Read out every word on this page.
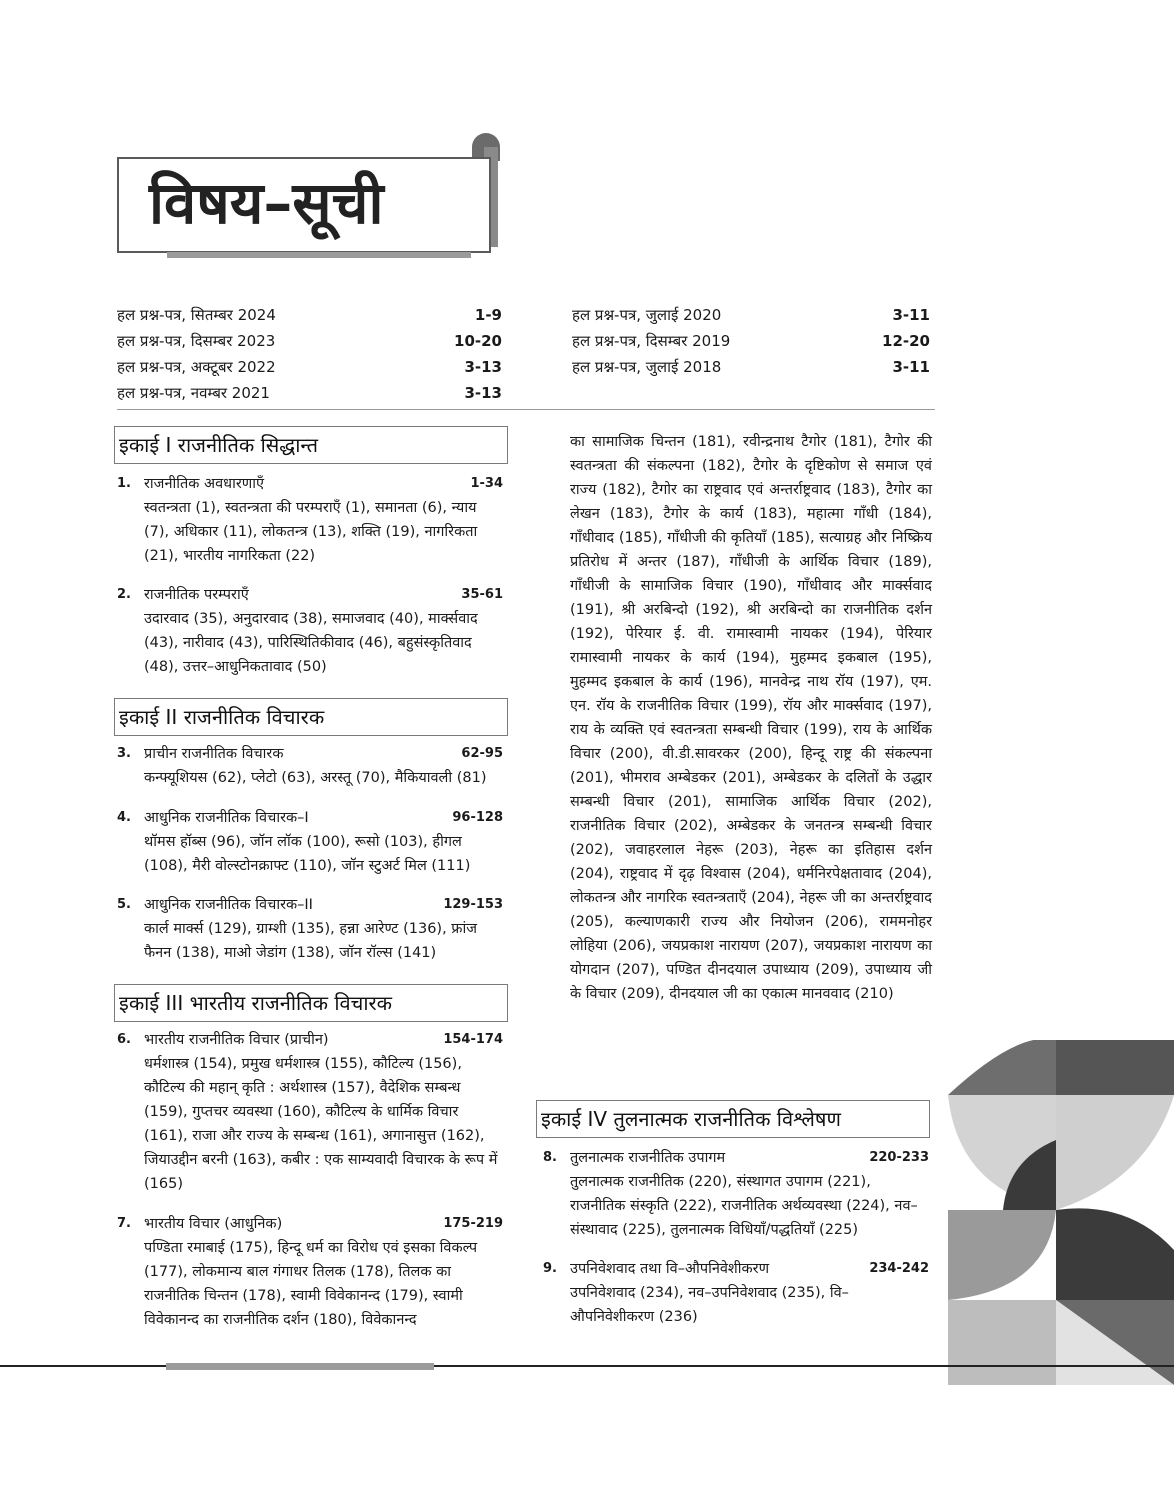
विषय–सूची
हल प्रश्न-पत्र, सितम्बर 2024	1-9
हल प्रश्न-पत्र, दिसम्बर 2023	10-20
हल प्रश्न-पत्र, अक्टूबर 2022	3-13
हल प्रश्न-पत्र, नवम्बर 2021	3-13
हल प्रश्न-पत्र, जुलाई 2020	3-11
हल प्रश्न-पत्र, दिसम्बर 2019	12-20
हल प्रश्न-पत्र, जुलाई 2018	3-11
इकाई I राजनीतिक सिद्धान्त
1. राजनीतिक अवधारणाएँ	1-34
स्वतन्त्रता (1), स्वतन्त्रता की परम्पराएँ (1), समानता (6), न्याय (7), अधिकार (11), लोकतन्त्र (13), शक्ति (19), नागरिकता (21), भारतीय नागरिकता (22)
2. राजनीतिक परम्पराएँ	35-61
उदारवाद (35), अनुदारवाद (38), समाजवाद (40), मार्क्सवाद (43), नारीवाद (43), पारिस्थितिकीवाद (46), बहुसंस्कृतिवाद (48), उत्तर–आधुनिकतावाद (50)
इकाई II राजनीतिक विचारक
3. प्राचीन राजनीतिक विचारक	62-95
कन्फ्यूशियस (62), प्लेटो (63), अरस्तू (70), मैकियावली (81)
4. आधुनिक राजनीतिक विचारक–I	96-128
थॉमस हॉब्स (96), जॉन लॉक (100), रूसो (103), हीगल (108), मैरी वोल्स्टोनक्राफ्ट (110), जॉन स्टुअर्ट मिल (111)
5. आधुनिक राजनीतिक विचारक–II	129-153
कार्ल मार्क्स (129), ग्राम्शी (135), हन्ना आरेण्ट (136), फ्रांज फैनन (138), माओ जेडांग (138), जॉन रॉल्स (141)
इकाई III भारतीय राजनीतिक विचारक
6. भारतीय राजनीतिक विचार (प्राचीन)	154-174
धर्मशास्त्र (154), प्रमुख धर्मशास्त्र (155), कौटिल्य (156), कौटिल्य की महान् कृति : अर्थशास्त्र (157), वैदेशिक सम्बन्ध (159), गुप्तचर व्यवस्था (160), कौटिल्य के धार्मिक विचार (161), राजा और राज्य के सम्बन्ध (161), अगानासुत्त (162), जियाउद्दीन बरनी (163), कबीर : एक साम्यवादी विचारक के रूप में (165)
7. भारतीय विचार (आधुनिक)	175-219
पण्डिता रमाबाई (175), हिन्दू धर्म का विरोध एवं इसका विकल्प (177), लोकमान्य बाल गंगाधर तिलक (178), तिलक का राजनीतिक चिन्तन (178), स्वामी विवेकानन्द (179), स्वामी विवेकानन्द का राजनीतिक दर्शन (180), विवेकानन्द
का सामाजिक चिन्तन (181), रवीन्द्रनाथ टैगोर (181), टैगोर की स्वतन्त्रता की संकल्पना (182), टैगोर के दृष्टिकोण से समाज एवं राज्य (182), टैगोर का राष्ट्रवाद एवं अन्तर्राष्ट्रवाद (183), टैगोर का लेखन (183), टैगोर के कार्य (183), महात्मा गाँधी (184), गाँधीवाद (185), गाँधीजी की कृतियाँ (185), सत्याग्रह और निष्क्रिय प्रतिरोध में अन्तर (187), गाँधीजी के आर्थिक विचार (189), गाँधीजी के सामाजिक विचार (190), गाँधीवाद और मार्क्सवाद (191), श्री अरबिन्दो (192), श्री अरबिन्दो का राजनीतिक दर्शन (192), पेरियार ई. वी. रामास्वामी नायकर (194), पेरियार रामास्वामी नायकर के कार्य (194), मुहम्मद इकबाल (195), मुहम्मद इकबाल के कार्य (196), मानवेन्द्र नाथ रॉय (197), एम. एन. रॉय के राजनीतिक विचार (199), रॉय और मार्क्सवाद (197), राय के व्यक्ति एवं स्वतन्त्रता सम्बन्धी विचार (199), राय के आर्थिक विचार (200), वी.डी.सावरकर (200), हिन्दू राष्ट्र की संकल्पना (201), भीमराव अम्बेडकर (201), अम्बेडकर के दलितों के उद्धार सम्बन्धी विचार (201), सामाजिक आर्थिक विचार (202), राजनीतिक विचार (202), अम्बेडकर के जनतन्त्र सम्बन्धी विचार (202), जवाहरलाल नेहरू (203), नेहरू का इतिहास दर्शन (204), राष्ट्रवाद में दृढ़ विश्वास (204), धर्मनिरपेक्षतावाद (204), लोकतन्त्र और नागरिक स्वतन्त्रताएँ (204), नेहरू जी का अन्तर्राष्ट्रवाद (205), कल्याणकारी राज्य और नियोजन (206), राममनोहर लोहिया (206), जयप्रकाश नारायण (207), जयप्रकाश नारायण का योगदान (207), पण्डित दीनदयाल उपाध्याय (209), उपाध्याय जी के विचार (209), दीनदयाल जी का एकात्म मानववाद (210)
इकाई IV तुलनात्मक राजनीतिक विश्लेषण
8. तुलनात्मक राजनीतिक उपागम	220-233
तुलनात्मक राजनीतिक (220), संस्थागत उपागम (221), राजनीतिक संस्कृति (222), राजनीतिक अर्थव्यवस्था (224), नव–संस्थावाद (225), तुलनात्मक विधियाँ/पद्धतियाँ (225)
9. उपनिवेशवाद तथा वि–औपनिवेशीकरण	234-242
उपनिवेशवाद (234), नव–उपनिवेशवाद (235), वि–औपनिवेशीकरण (236)
